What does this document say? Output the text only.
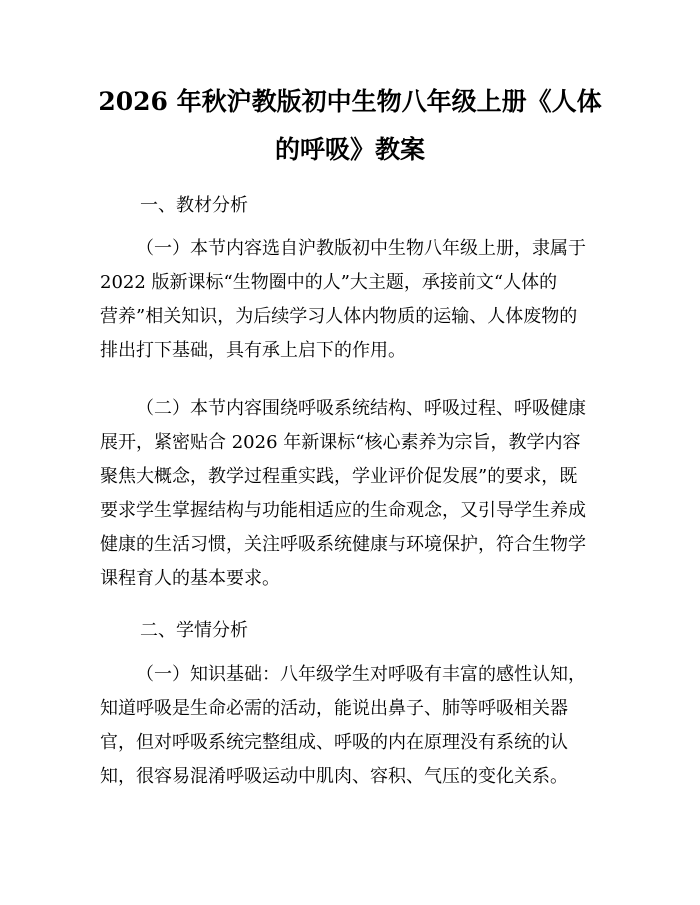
2026 年秋沪教版初中生物八年级上册《人体
的呼吸》教案
一、教材分析
（一）本节内容选自沪教版初中生物八年级上册，隶属于
2022 版新课标“生物圈中的人”大主题，承接前文“人体的
营养”相关知识，为后续学习人体内物质的运输、人体废物的
排出打下基础，具有承上启下的作用。
（二）本节内容围绕呼吸系统结构、呼吸过程、呼吸健康
展开，紧密贴合 2026 年新课标“核心素养为宗旨，教学内容
聚焦大概念，教学过程重实践，学业评价促发展”的要求，既
要求学生掌握结构与功能相适应的生命观念，又引导学生养成
健康的生活习惯，关注呼吸系统健康与环境保护，符合生物学
课程育人的基本要求。
二、学情分析
（一）知识基础：八年级学生对呼吸有丰富的感性认知，
知道呼吸是生命必需的活动，能说出鼻子、肺等呼吸相关器
官，但对呼吸系统完整组成、呼吸的内在原理没有系统的认
知，很容易混淆呼吸运动中肌肉、容积、气压的变化关系。
